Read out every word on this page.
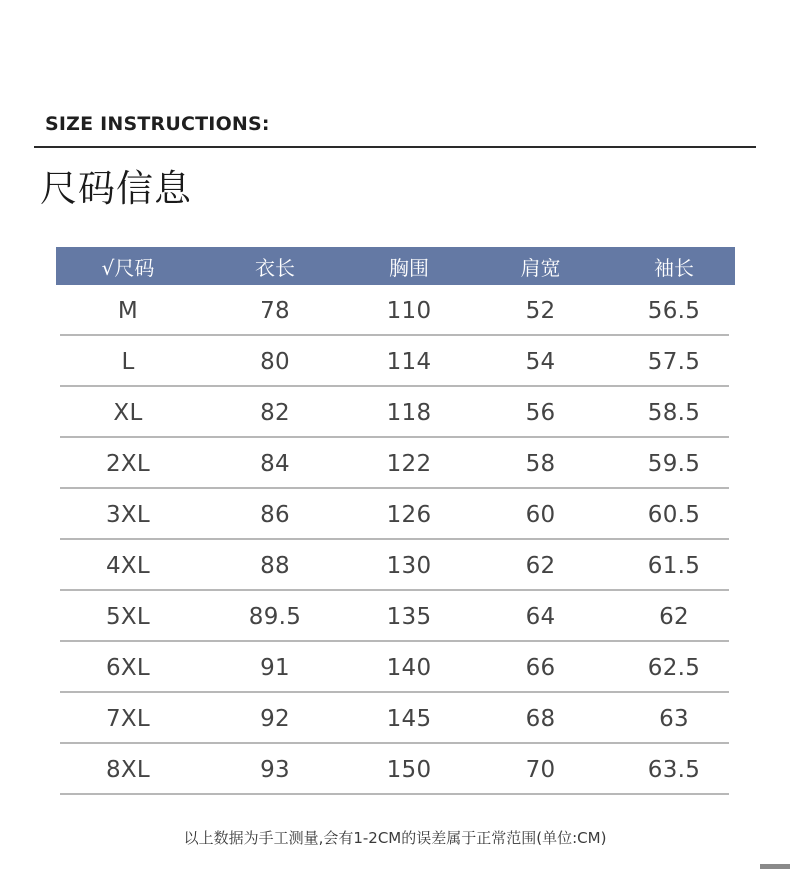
SIZE INSTRUCTIONS:
尺码信息
√尺码	衣长	胸围	肩宽	袖长
M	78	110	52	56.5
L	80	114	54	57.5
XL	82	118	56	58.5
2XL	84	122	58	59.5
3XL	86	126	60	60.5
4XL	88	130	62	61.5
5XL	89.5	135	64	62
6XL	91	140	66	62.5
7XL	92	145	68	63
8XL	93	150	70	63.5
以上数据为手工测量,会有1-2CM的误差属于正常范围(单位:CM)
